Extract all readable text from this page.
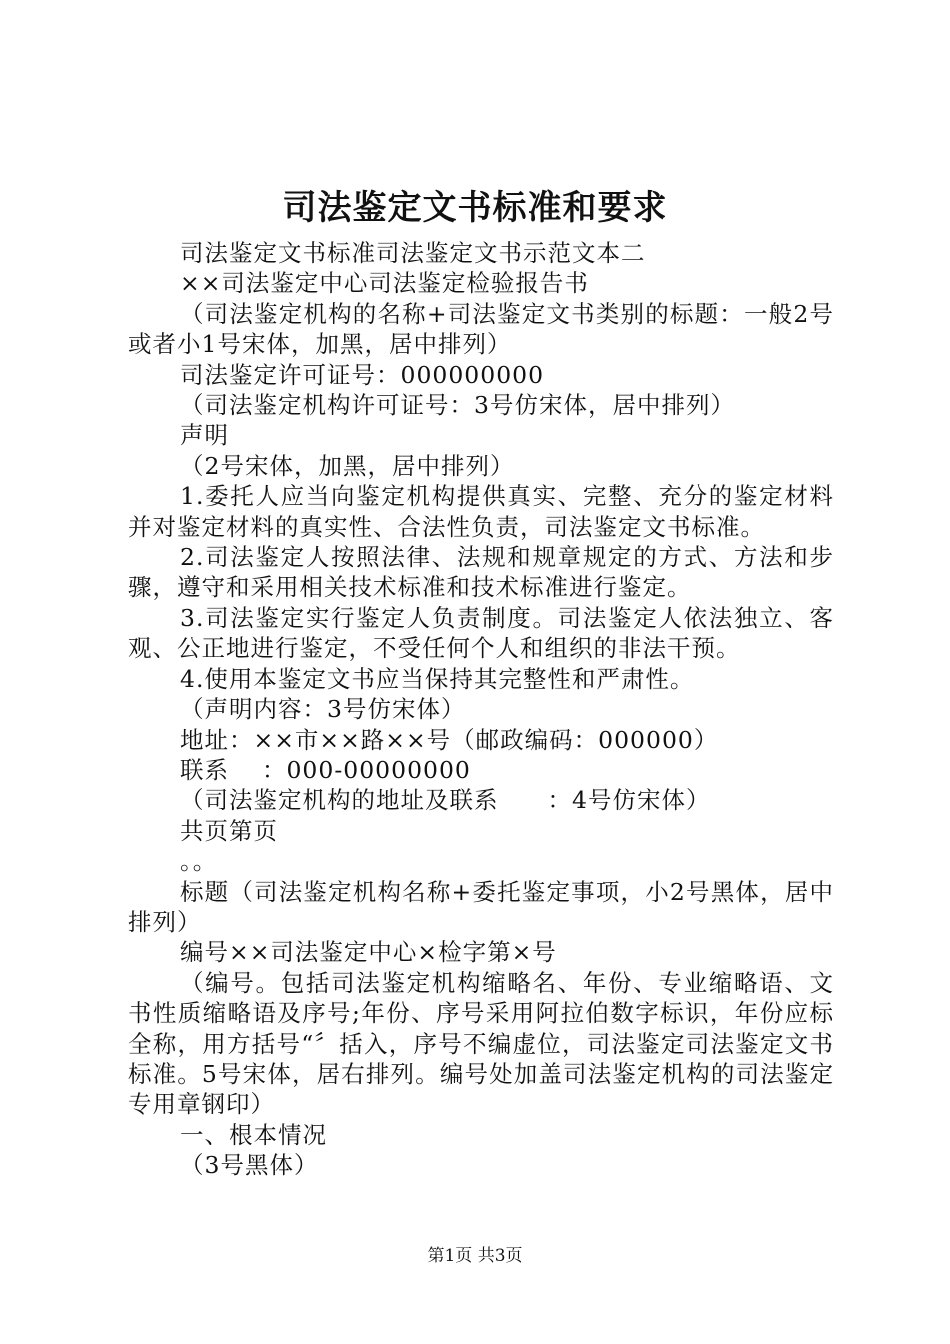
司法鉴定文书标准和要求

司法鉴定文书标准司法鉴定文书示范文本二

××司法鉴定中心司法鉴定检验报告书

（司法鉴定机构的名称+司法鉴定文书类别的标题：一般2号或者小1号宋体，加黑，居中排列）

司法鉴定许可证号：000000000

（司法鉴定机构许可证号：3号仿宋体，居中排列）

声明

（2号宋体，加黑，居中排列）

1.委托人应当向鉴定机构提供真实、完整、充分的鉴定材料并对鉴定材料的真实性、合法性负责，司法鉴定文书标准。

2.司法鉴定人按照法律、法规和规章规定的方式、方法和步骤，遵守和采用相关技术标准和技术标准进行鉴定。

3.司法鉴定实行鉴定人负责制度。司法鉴定人依法独立、客观、公正地进行鉴定，不受任何个人和组织的非法干预。

4.使用本鉴定文书应当保持其完整性和严肃性。

（声明内容：3号仿宋体）

地址：××市××路××号（邮政编码：000000）

联系　 ：000-00000000

（司法鉴定机构的地址及联系　　：4号仿宋体）

共页第页

。。

标题（司法鉴定机构名称+委托鉴定事项，小2号黑体，居中排列）

编号××司法鉴定中心×检字第×号

（编号。包括司法鉴定机构缩略名、年份、专业缩略语、文书性质缩略语及序号;年份、序号采用阿拉伯数字标识，年份应标全称，用方括号“〞括入，序号不编虚位，司法鉴定司法鉴定文书标准。5号宋体，居右排列。编号处加盖司法鉴定机构的司法鉴定专用章钢印）

一、根本情况

（3号黑体）

第1页 共3页
